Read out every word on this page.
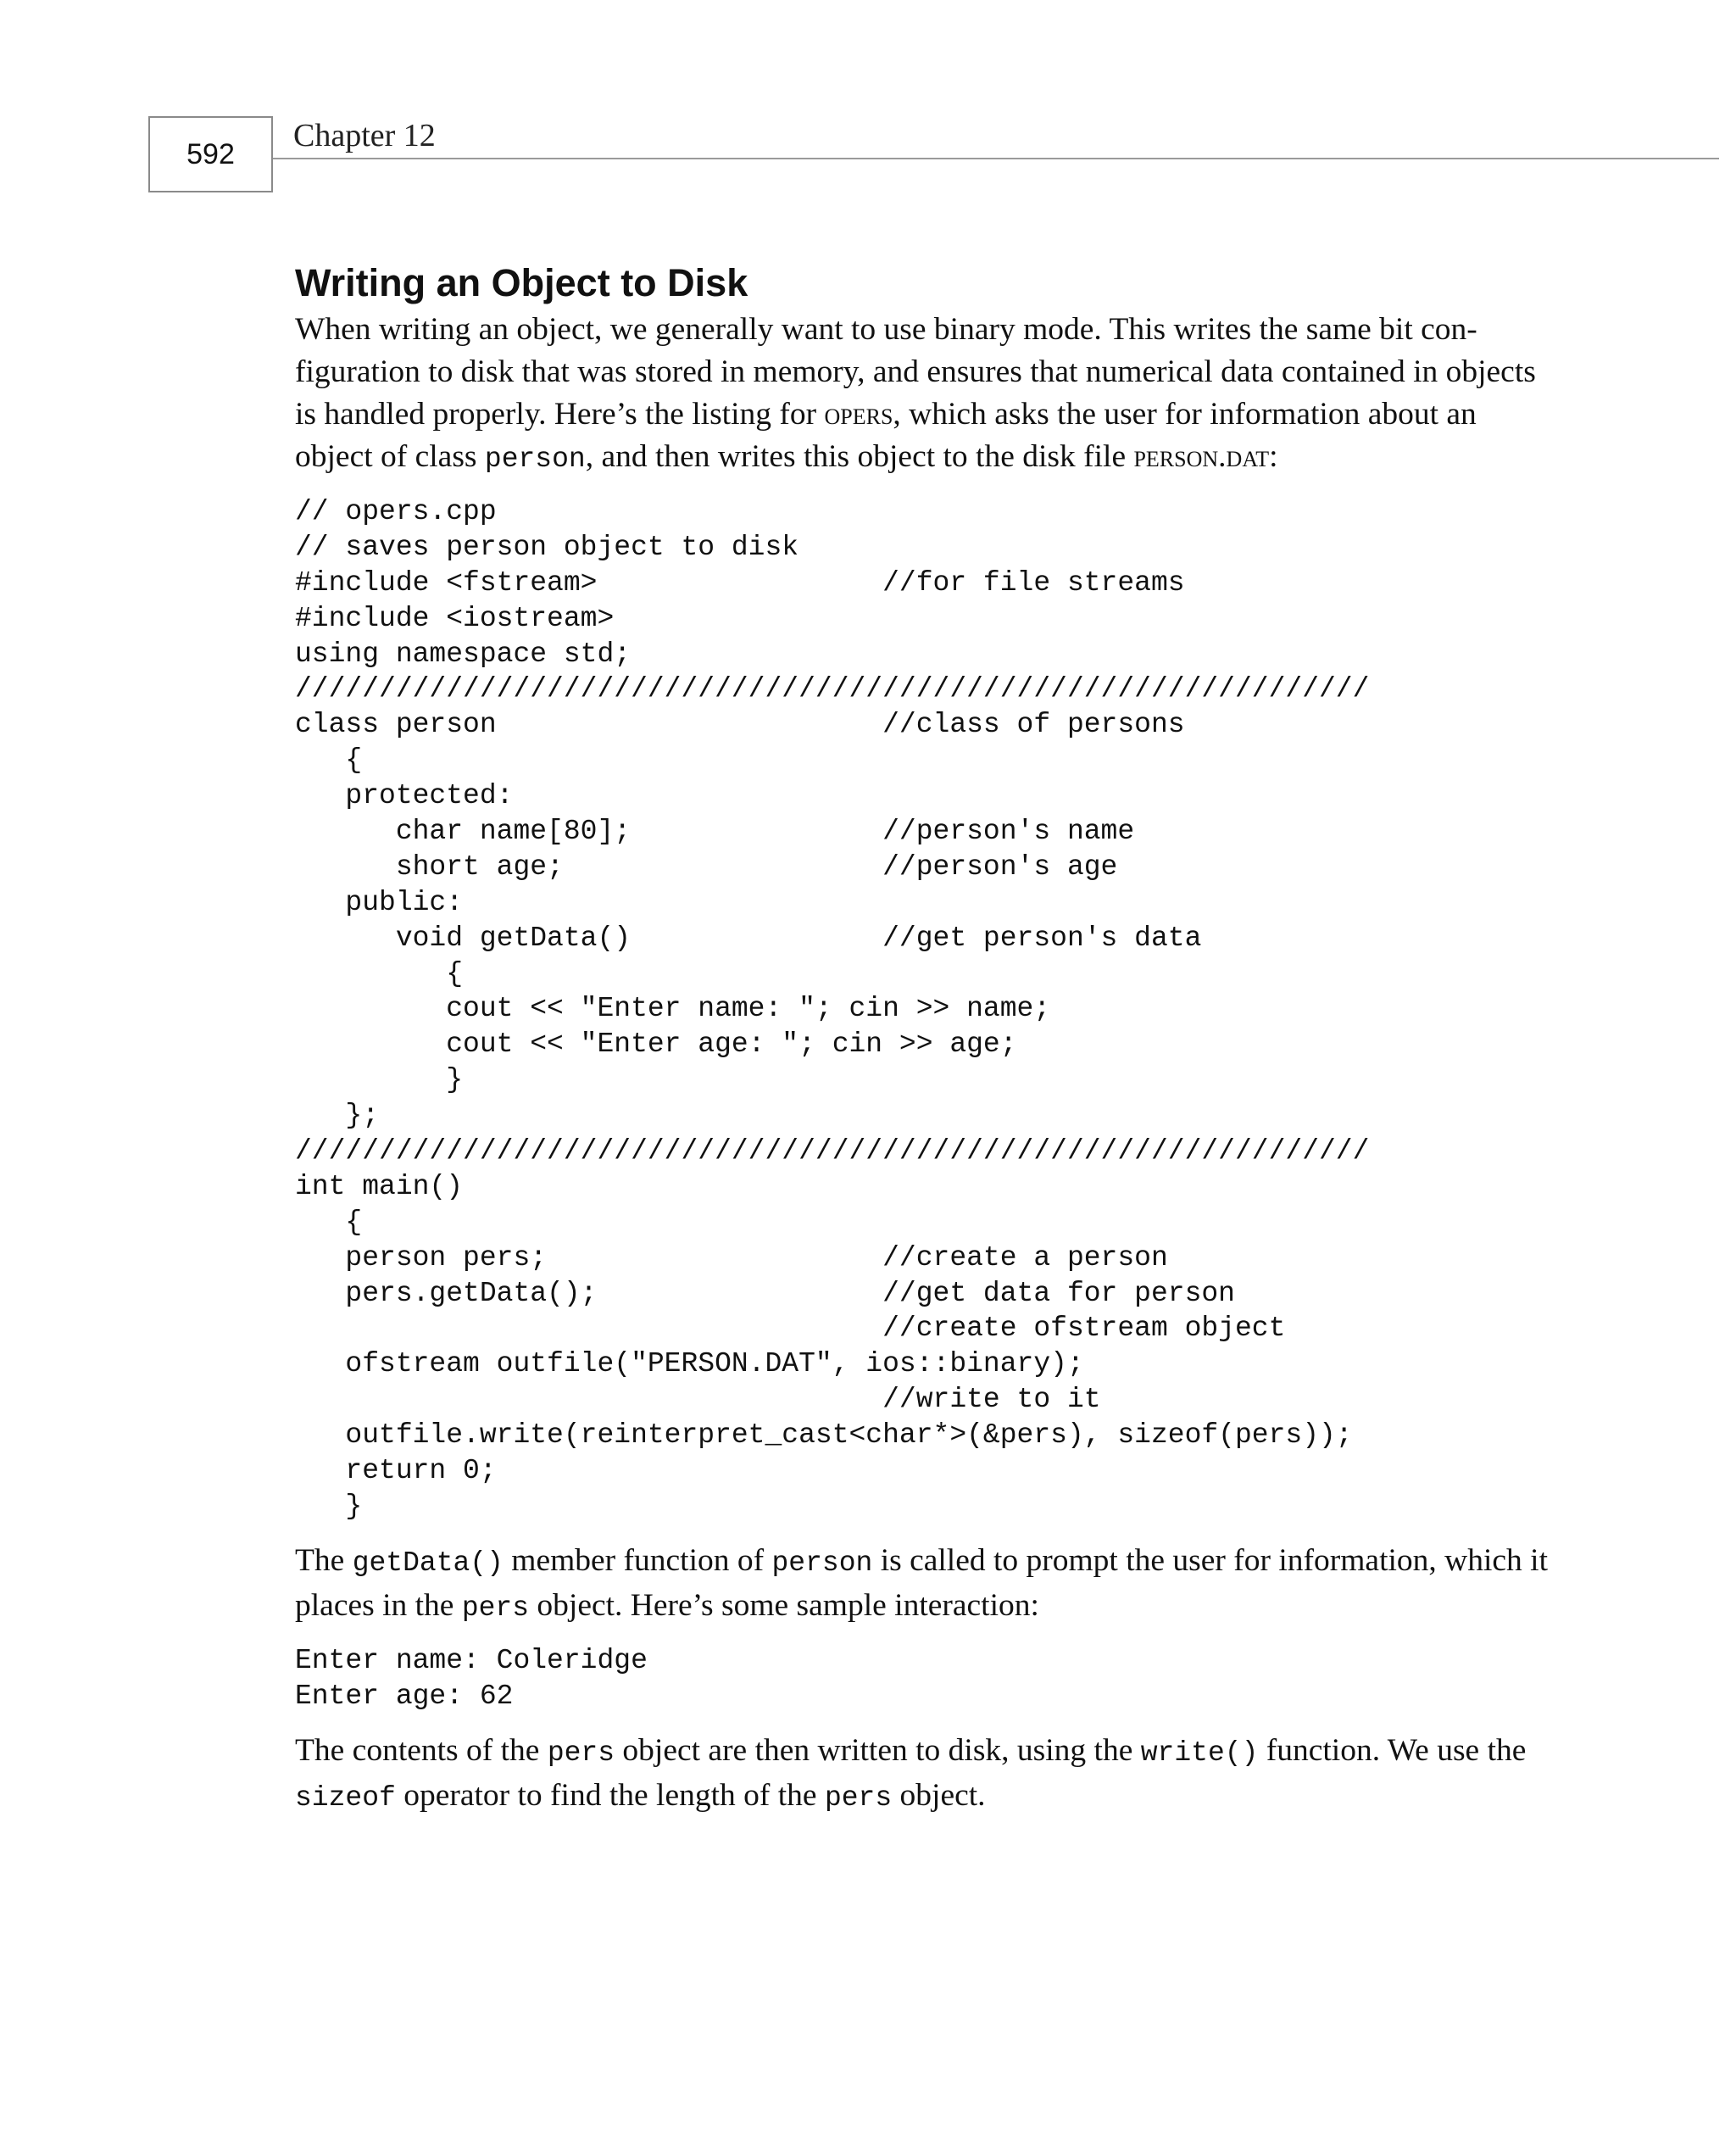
592
Chapter 12
Writing an Object to Disk

When writing an object, we generally want to use binary mode. This writes the same bit con-figuration to disk that was stored in memory, and ensures that numerical data contained in objects is handled properly. Here’s the listing for opers, which asks the user for information about an object of class person, and then writes this object to the disk file person.dat:

// opers.cpp
// saves person object to disk
#include <fstream>                 //for file streams
#include <iostream>
using namespace std;
////////////////////////////////////////////////////////////////
class person                       //class of persons
{
protected:
char name[80];               //person's name
short age;                   //person's age
public:
void getData()               //get person's data
{
cout << "Enter name: "; cin >> name;
cout << "Enter age: "; cin >> age;
}
};
////////////////////////////////////////////////////////////////
int main()
{
person pers;                    //create a person
pers.getData();                 //get data for person
//create ofstream object
ofstream outfile("PERSON.DAT", ios::binary);
//write to it
outfile.write(reinterpret_cast<char*>(&pers), sizeof(pers));
return 0;
}

The getData() member function of person is called to prompt the user for information, which it places in the pers object. Here’s some sample interaction:

Enter name: Coleridge
Enter age: 62

The contents of the pers object are then written to disk, using the write() function. We use the sizeof operator to find the length of the pers object.
